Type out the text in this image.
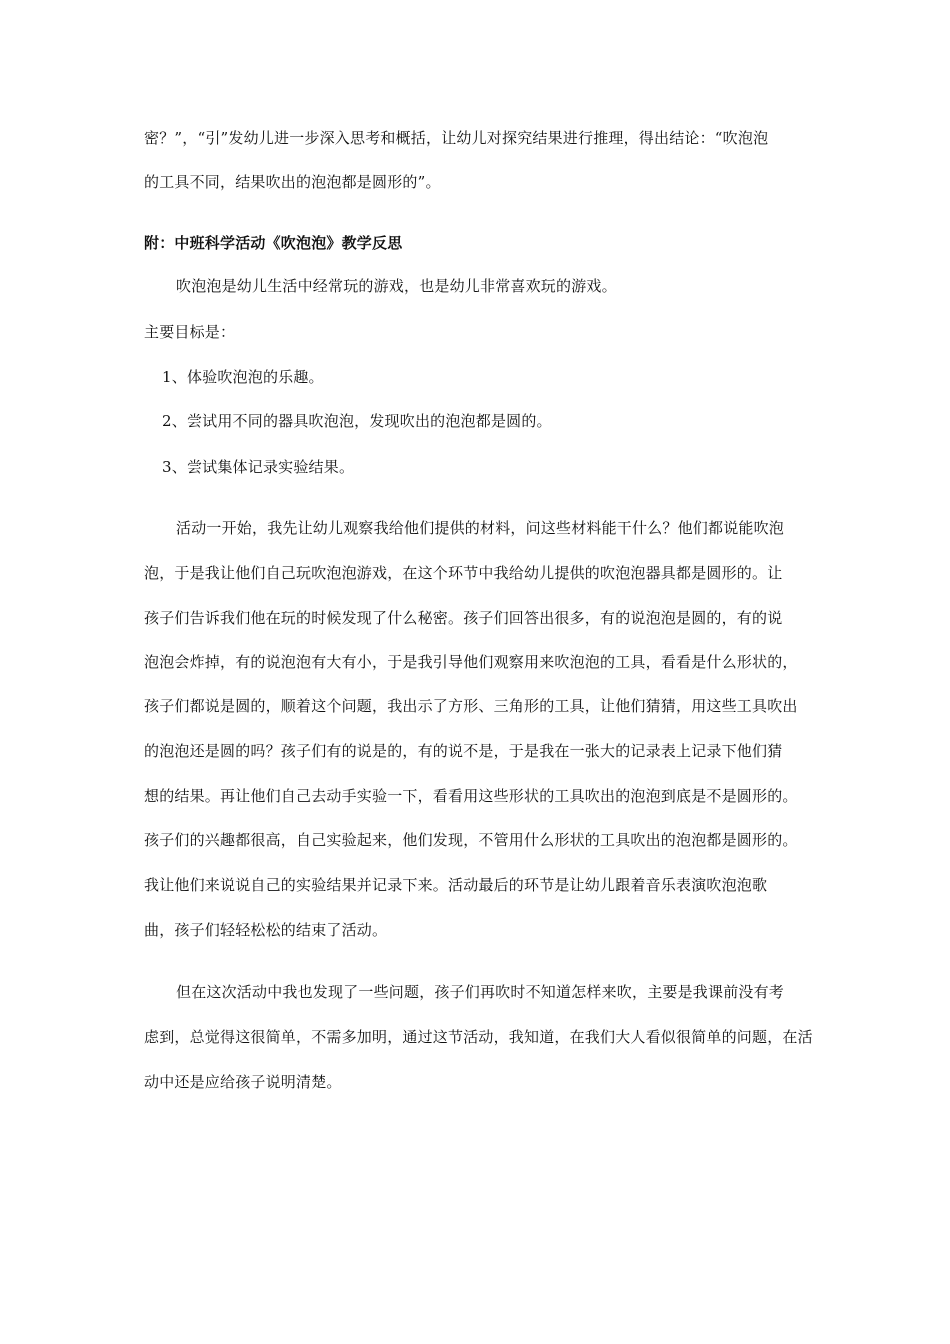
密？”，“引”发幼儿进一步深入思考和概括，让幼儿对探究结果进行推理，得出结论：“吹泡泡
的工具不同，结果吹出的泡泡都是圆形的”。
附：中班科学活动《吹泡泡》教学反思
吹泡泡是幼儿生活中经常玩的游戏，也是幼儿非常喜欢玩的游戏。
主要目标是：
1、体验吹泡泡的乐趣。
2、尝试用不同的器具吹泡泡，发现吹出的泡泡都是圆的。
3、尝试集体记录实验结果。
活动一开始，我先让幼儿观察我给他们提供的材料，问这些材料能干什么？他们都说能吹泡
泡，于是我让他们自己玩吹泡泡游戏，在这个环节中我给幼儿提供的吹泡泡器具都是圆形的。让
孩子们告诉我们他在玩的时候发现了什么秘密。孩子们回答出很多，有的说泡泡是圆的，有的说
泡泡会炸掉，有的说泡泡有大有小，于是我引导他们观察用来吹泡泡的工具，看看是什么形状的，
孩子们都说是圆的，顺着这个问题，我出示了方形、三角形的工具，让他们猜猜，用这些工具吹出
的泡泡还是圆的吗？孩子们有的说是的，有的说不是，于是我在一张大的记录表上记录下他们猜
想的结果。再让他们自己去动手实验一下，看看用这些形状的工具吹出的泡泡到底是不是圆形的。
孩子们的兴趣都很高，自己实验起来，他们发现，不管用什么形状的工具吹出的泡泡都是圆形的。
我让他们来说说自己的实验结果并记录下来。活动最后的环节是让幼儿跟着音乐表演吹泡泡歌
曲，孩子们轻轻松松的结束了活动。
但在这次活动中我也发现了一些问题，孩子们再吹时不知道怎样来吹，主要是我课前没有考
虑到，总觉得这很简单，不需多加明，通过这节活动，我知道，在我们大人看似很简单的问题，在活
动中还是应给孩子说明清楚。
